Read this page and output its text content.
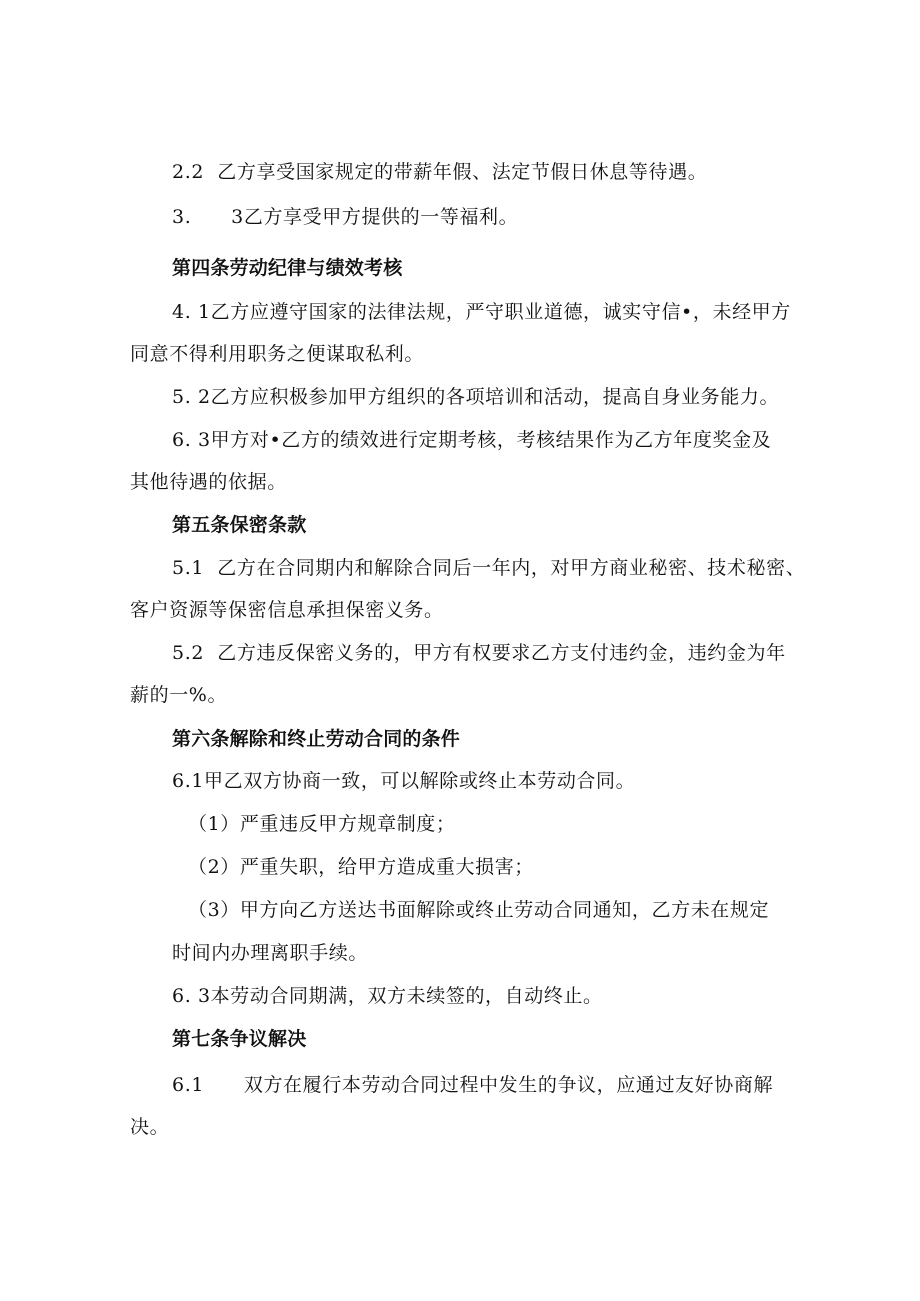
2.2  乙方享受国家规定的带薪年假、法定节假日休息等待遇。
3.      3乙方享受甲方提供的一等福利。
第四条劳动纪律与绩效考核
4. 1乙方应遵守国家的法律法规，严守职业道德，诚实守信•，未经甲方
同意不得利用职务之便谋取私利。
5. 2乙方应积极参加甲方组织的各项培训和活动，提高自身业务能力。
6. 3甲方对•乙方的绩效进行定期考核，考核结果作为乙方年度奖金及
其他待遇的依据。
第五条保密条款
5.1  乙方在合同期内和解除合同后一年内，对甲方商业秘密、技术秘密、
客户资源等保密信息承担保密义务。
5.2  乙方违反保密义务的，甲方有权要求乙方支付违约金，违约金为年
薪的一%。
第六条解除和终止劳动合同的条件
6.1甲乙双方协商一致，可以解除或终止本劳动合同。
（1）严重违反甲方规章制度；
（2）严重失职，给甲方造成重大损害；
（3）甲方向乙方送达书面解除或终止劳动合同通知，乙方未在规定
时间内办理离职手续。
6. 3本劳动合同期满，双方未续签的，自动终止。
第七条争议解决
6.1      双方在履行本劳动合同过程中发生的争议，应通过友好协商解
决。
